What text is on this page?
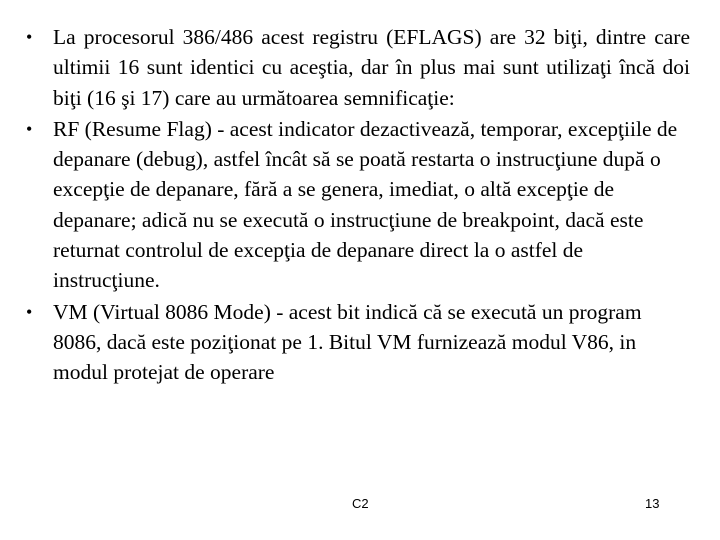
• La procesorul 386/486 acest registru (EFLAGS) are 32 biţi, dintre care ultimii 16 sunt identici cu aceştia, dar în plus mai sunt utilizaţi încă doi biţi (16 şi 17) care au următoarea semnificaţie:
• RF (Resume Flag) - acest indicator dezactivează, temporar, excepţiile de depanare (debug), astfel încât să se poată restarta o instrucţiune după o excepţie de depanare, fără a se genera, imediat, o altă excepţie de depanare; adică nu se execută o instrucţiune de breakpoint, dacă este returnat controlul de excepţia de depanare direct la o astfel de instrucţiune.
• VM (Virtual 8086 Mode) - acest bit indică că se execută un program 8086, dacă este poziţionat pe 1. Bitul VM furnizează modul V86, in modul protejat de operare
C2	13
